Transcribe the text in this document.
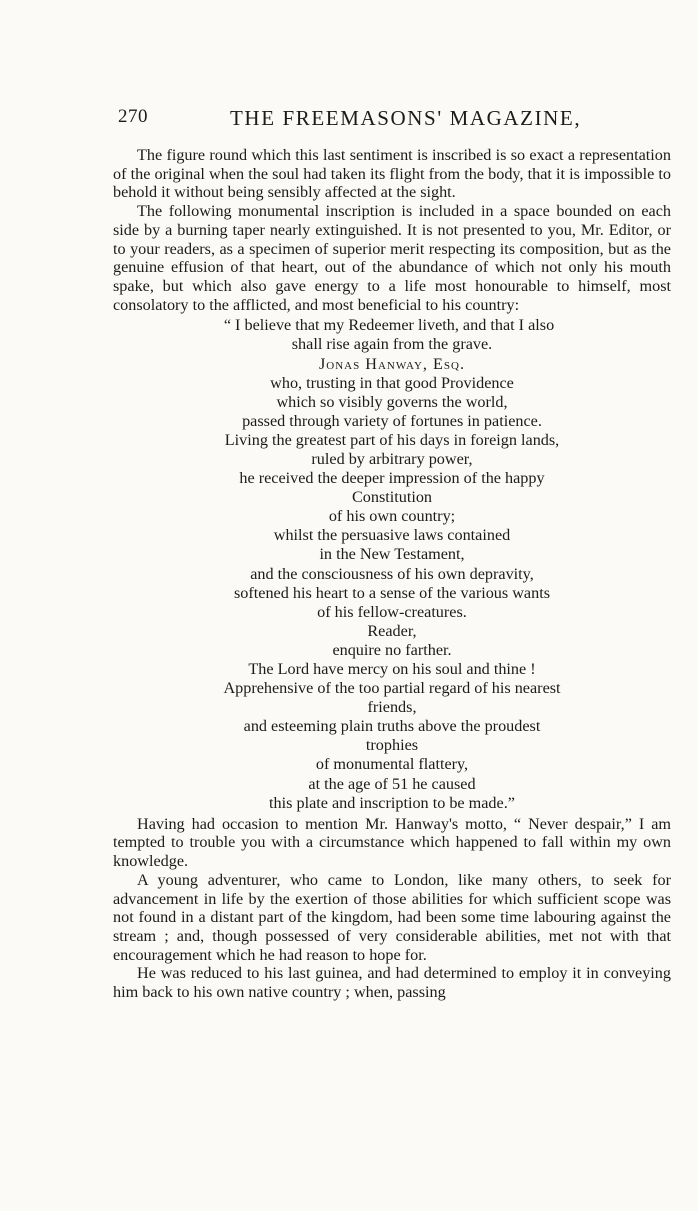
270	THE FREEMASONS' MAGAZINE,

The figure round which this last sentiment is inscribed is so exact a representation of the original when the soul had taken its flight from the body, that it is impossible to behold it without being sensibly affected at the sight.

The following monumental inscription is included in a space bounded on each side by a burning taper nearly extinguished. It is not presented to you, Mr. Editor, or to your readers, as a specimen of superior merit respecting its composition, but as the genuine effusion of that heart, out of the abundance of which not only his mouth spake, but which also gave energy to a life most honourable to himself, most consolatory to the afflicted, and most beneficial to his country:

“ I believe that my Redeemer liveth, and that I also
shall rise again from the grave.
Jonas Hanway, Esq.
who, trusting in that good Providence
which so visibly governs the world,
passed through variety of fortunes in patience.
Living the greatest part of his days in foreign lands,
ruled by arbitrary power,
he received the deeper impression of the happy
Constitution
of his own country;
whilst the persuasive laws contained
in the New Testament,
and the consciousness of his own depravity,
softened his heart to a sense of the various wants
of his fellow-creatures.
Reader,
enquire no farther.
The Lord have mercy on his soul and thine !
Apprehensive of the too partial regard of his nearest
friends,
and esteeming plain truths above the proudest
trophies
of monumental flattery,
at the age of 51 he caused
this plate and inscription to be made.”

Having had occasion to mention Mr. Hanway's motto, “ Never despair,” I am tempted to trouble you with a circumstance which happened to fall within my own knowledge.

A young adventurer, who came to London, like many others, to seek for advancement in life by the exertion of those abilities for which sufficient scope was not found in a distant part of the kingdom, had been some time labouring against the stream ; and, though possessed of very considerable abilities, met not with that encouragement which he had reason to hope for.

He was reduced to his last guinea, and had determined to employ it in conveying him back to his own native country ; when, passing
